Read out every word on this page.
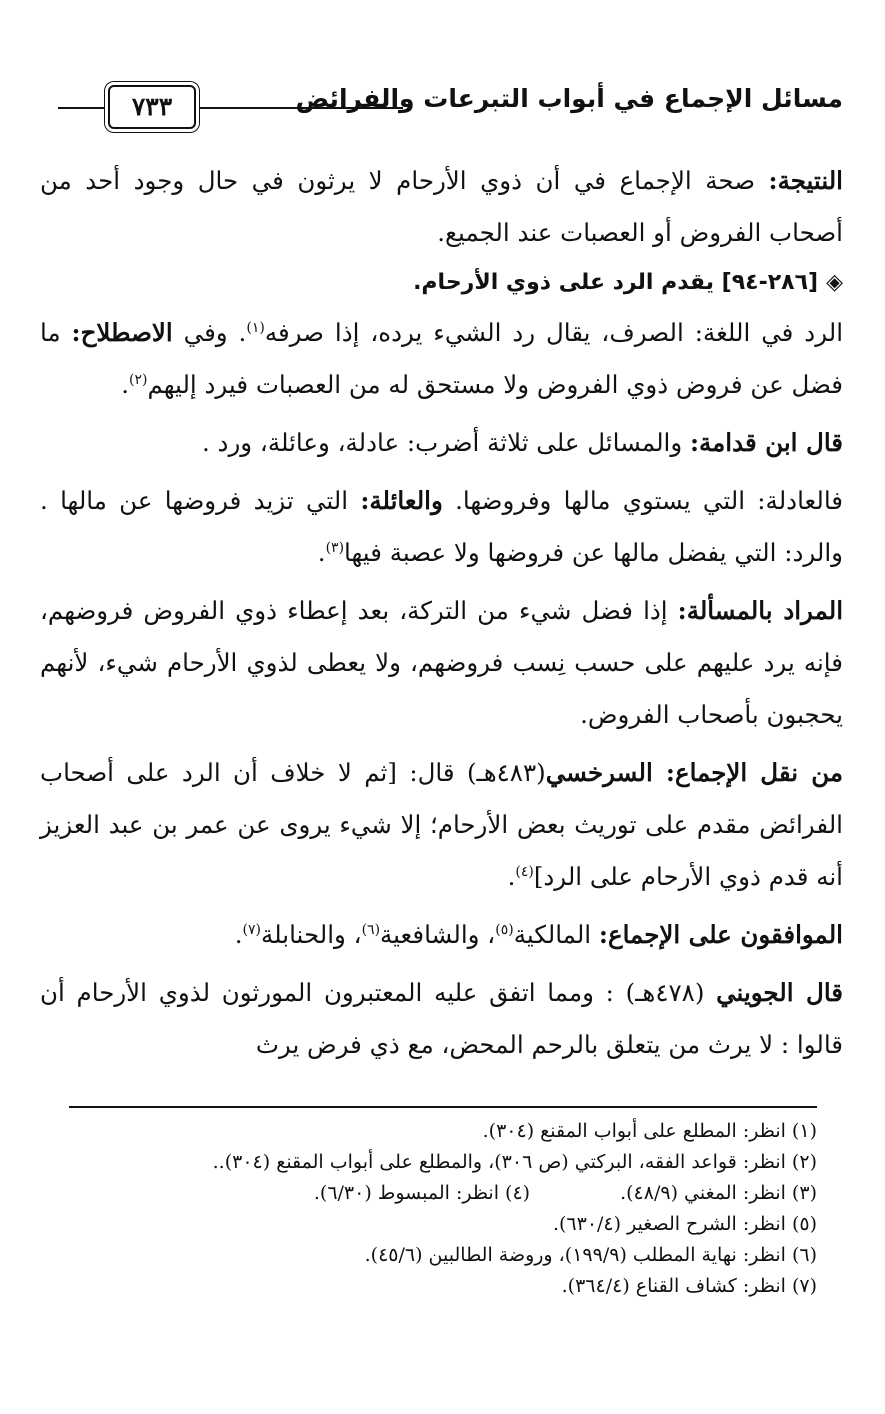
مسائل الإجماع في أبواب التبرعات والفرائض
٧٣٣

النتيجة: صحة الإجماع في أن ذوي الأرحام لا يرثون في حال وجود أحد من أصحاب الفروض أو العصبات عند الجميع.

◈[٢٨٦-٩٤] يقدم الرد على ذوي الأرحام.

الرد في اللغة: الصرف، يقال رد الشيء يرده، إذا صرفه$^{(١)}$. وفي الاصطلاح: ما فضل عن فروض ذوي الفروض ولا مستحق له من العصبات فيرد إليهم$^{(٢)}$.

قال ابن قدامة: والمسائل على ثلاثة أضرب: عادلة، وعائلة، ورد .

فالعادلة: التي يستوي مالها وفروضها. والعائلة: التي تزيد فروضها عن مالها . والرد: التي يفضل مالها عن فروضها ولا عصبة فيها$^{(٣)}$.

المراد بالمسألة: إذا فضل شيء من التركة، بعد إعطاء ذوي الفروض فروضهم، فإنه يرد عليهم على حسب نِسب فروضهم، ولا يعطى لذوي الأرحام شيء، لأنهم يحجبون بأصحاب الفروض.

من نقل الإجماع: السرخسي(٤٨٣هـ) قال: [ثم لا خلاف أن الرد على أصحاب الفرائض مقدم على توريث بعض الأرحام؛ إلا شيء يروى عن عمر بن عبد العزيز أنه قدم ذوي الأرحام على الرد]$^{(٤)}$.

الموافقون على الإجماع: المالكية$^{(٥)}$، والشافعية$^{(٦)}$، والحنابلة$^{(٧)}$.

قال الجويني (٤٧٨هـ) : ومما اتفق عليه المعتبرون المورثون لذوي الأرحام أن قالوا : لا يرث من يتعلق بالرحم المحض، مع ذي فرض يرث

(١) انظر: المطلع على أبواب المقنع (٣٠٤).
(٢) انظر: قواعد الفقه، البركتي (ص ٣٠٦)، والمطلع على أبواب المقنع (٣٠٤)..
(٣) انظر: المغني (٤٨/٩).
(٤) انظر: المبسوط (٦/٣٠).
(٥) انظر: الشرح الصغير (٦٣٠/٤).
(٦) انظر: نهاية المطلب (١٩٩/٩)، وروضة الطالبين (٤٥/٦).
(٧) انظر: كشاف القناع (٣٦٤/٤).
